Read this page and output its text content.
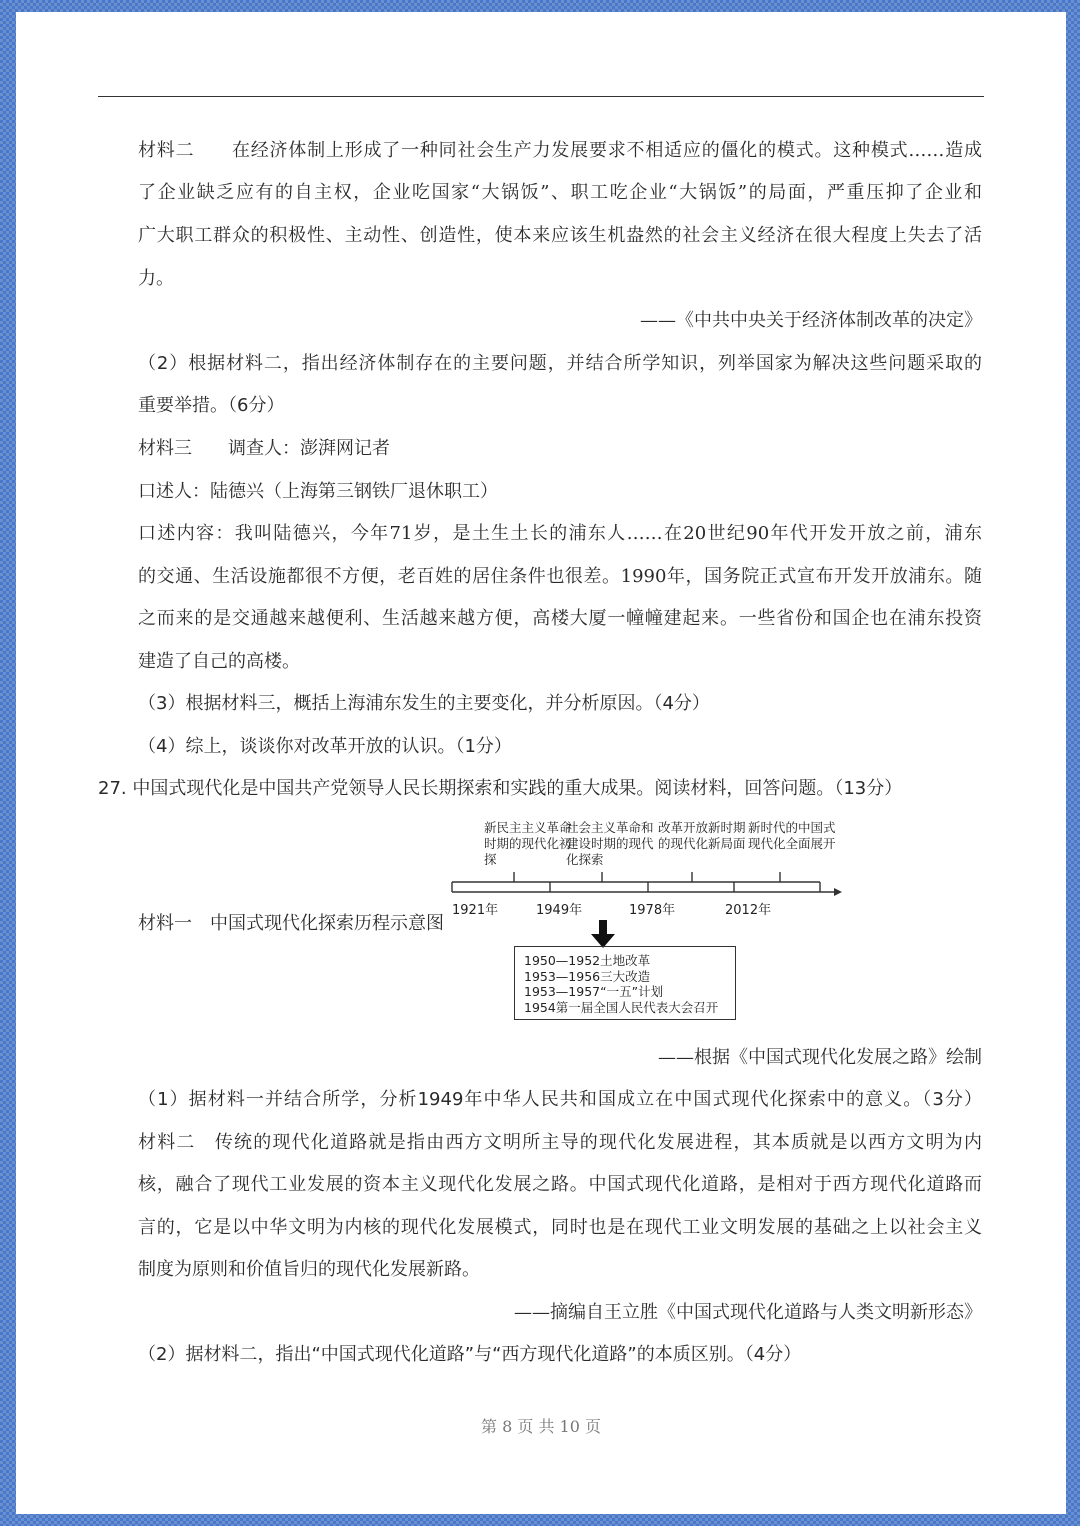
材料二　　在经济体制上形成了一种同社会生产力发展要求不相适应的僵化的模式。这种模式……造成
了企业缺乏应有的自主权，企业吃国家“大锅饭”、职工吃企业“大锅饭”的局面，严重压抑了企业和
广大职工群众的积极性、主动性、创造性，使本来应该生机盎然的社会主义经济在很大程度上失去了活
力。
——《中共中央关于经济体制改革的决定》
（2）根据材料二，指出经济体制存在的主要问题，并结合所学知识，列举国家为解决这些问题采取的
重要举措。（6分）
材料三　　调查人：澎湃网记者
口述人：陆德兴（上海第三钢铁厂退休职工）
口述内容：我叫陆德兴，今年71岁，是土生土长的浦东人……在20世纪90年代开发开放之前，浦东
的交通、生活设施都很不方便，老百姓的居住条件也很差。1990年，国务院正式宣布开发开放浦东。随
之而来的是交通越来越便利、生活越来越方便，高楼大厦一幢幢建起来。一些省份和国企也在浦东投资
建造了自己的高楼。
（3）根据材料三，概括上海浦东发生的主要变化，并分析原因。（4分）
（4）综上，谈谈你对改革开放的认识。（1分）
27. 中国式现代化是中国共产党领导人民长期探索和实践的重大成果。阅读材料，回答问题。（13分）
新民主主义革命时期的现代化初探
社会主义革命和建设时期的现代化探索
改革开放新时期的现代化新局面
新时代的中国式现代化全面展开
1921年	1949年	1978年	2012年
材料一　中国式现代化探索历程示意图
1950—1952土地改革
1953—1956三大改造
1953—1957“一五”计划
1954第一届全国人民代表大会召开
——根据《中国式现代化发展之路》绘制
（1）据材料一并结合所学，分析1949年中华人民共和国成立在中国式现代化探索中的意义。（3分）
材料二　传统的现代化道路就是指由西方文明所主导的现代化发展进程，其本质就是以西方文明为内
核，融合了现代工业发展的资本主义现代化发展之路。中国式现代化道路，是相对于西方现代化道路而
言的，它是以中华文明为内核的现代化发展模式，同时也是在现代工业文明发展的基础之上以社会主义
制度为原则和价值旨归的现代化发展新路。
——摘编自王立胜《中国式现代化道路与人类文明新形态》
（2）据材料二，指出“中国式现代化道路”与“西方现代化道路”的本质区别。（4分）
第 8 页 共 10 页
